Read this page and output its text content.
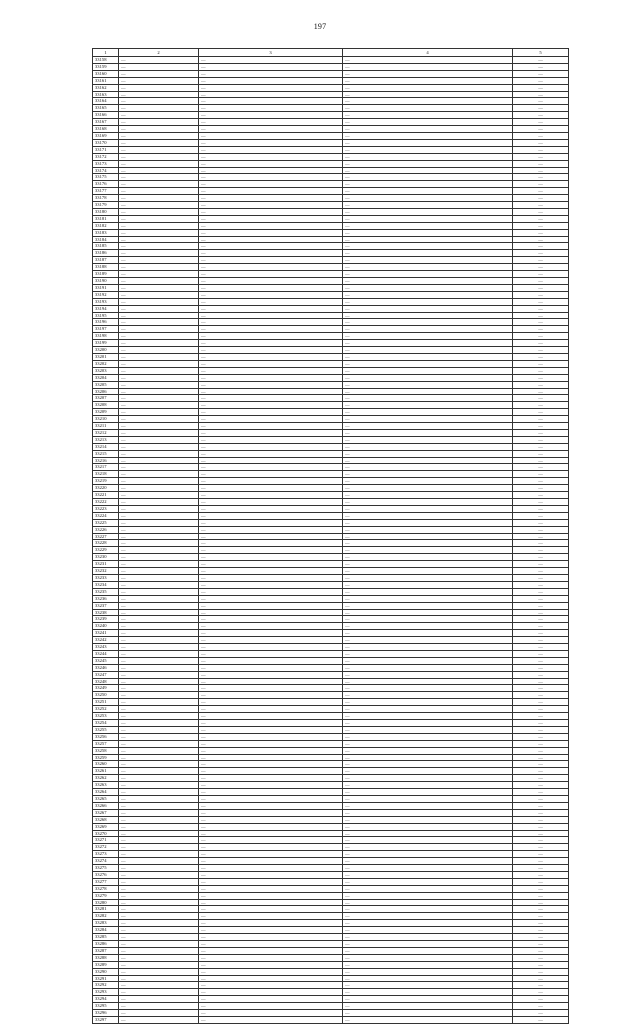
197
1	2	3	4	5
33158	—	—	—	—
33159	—	—	—	—
33160	—	—	—	—
33161	—	—	—	—
33162	—	—	—	—
33163	—	—	—	—
33164	—	—	—	—
33165	—	—	—	—
33166	—	—	—	—
33167	—	—	—	—
33168	—	—	—	—
33169	—	—	—	—
33170	—	—	—	—
33171	—	—	—	—
33172	—	—	—	—
33173	—	—	—	—
33174	—	—	—	—
33175	—	—	—	—
33176	—	—	—	—
33177	—	—	—	—
33178	—	—	—	—
33179	—	—	—	—
33180	—	—	—	—
33181	—	—	—	—
33182	—	—	—	—
33183	—	—	—	—
33184	—	—	—	—
33185	—	—	—	—
33186	—	—	—	—
33187	—	—	—	—
33188	—	—	—	—
33189	—	—	—	—
33190	—	—	—	—
33191	—	—	—	—
33192	—	—	—	—
33193	—	—	—	—
33194	—	—	—	—
33195	—	—	—	—
33196	—	—	—	—
33197	—	—	—	—
33198	—	—	—	—
33199	—	—	—	—
33200	—	—	—	—
33201	—	—	—	—
33202	—	—	—	—
33203	—	—	—	—
33204	—	—	—	—
33205	—	—	—	—
33206	—	—	—	—
33207	—	—	—	—
33208	—	—	—	—
33209	—	—	—	—
33210	—	—	—	—
33211	—	—	—	—
33212	—	—	—	—
33213	—	—	—	—
33214	—	—	—	—
33215	—	—	—	—
33216	—	—	—	—
33217	—	—	—	—
33218	—	—	—	—
33219	—	—	—	—
33220	—	—	—	—
33221	—	—	—	—
33222	—	—	—	—
33223	—	—	—	—
33224	—	—	—	—
33225	—	—	—	—
33226	—	—	—	—
33227	—	—	—	—
33228	—	—	—	—
33229	—	—	—	—
33230	—	—	—	—
33231	—	—	—	—
33232	—	—	—	—
33233	—	—	—	—
33234	—	—	—	—
33235	—	—	—	—
33236	—	—	—	—
33237	—	—	—	—
33238	—	—	—	—
33239	—	—	—	—
33240	—	—	—	—
33241	—	—	—	—
33242	—	—	—	—
33243	—	—	—	—
33244	—	—	—	—
33245	—	—	—	—
33246	—	—	—	—
33247	—	—	—	—
33248	—	—	—	—
33249	—	—	—	—
33250	—	—	—	—
33251	—	—	—	—
33252	—	—	—	—
33253	—	—	—	—
33254	—	—	—	—
33255	—	—	—	—
33256	—	—	—	—
33257	—	—	—	—
33258	—	—	—	—
33259	—	—	—	—
33260	—	—	—	—
33261	—	—	—	—
33262	—	—	—	—
33263	—	—	—	—
33264	—	—	—	—
33265	—	—	—	—
33266	—	—	—	—
33267	—	—	—	—
33268	—	—	—	—
33269	—	—	—	—
33270	—	—	—	—
33271	—	—	—	—
33272	—	—	—	—
33273	—	—	—	—
33274	—	—	—	—
33275	—	—	—	—
33276	—	—	—	—
33277	—	—	—	—
33278	—	—	—	—
33279	—	—	—	—
33280	—	—	—	—
33281	—	—	—	—
33282	—	—	—	—
33283	—	—	—	—
33284	—	—	—	—
33285	—	—	—	—
33286	—	—	—	—
33287	—	—	—	—
33288	—	—	—	—
33289	—	—	—	—
33290	—	—	—	—
33291	—	—	—	—
33292	—	—	—	—
33293	—	—	—	—
33294	—	—	—	—
33295	—	—	—	—
33296	—	—	—	—
33297	—	—	—	—
